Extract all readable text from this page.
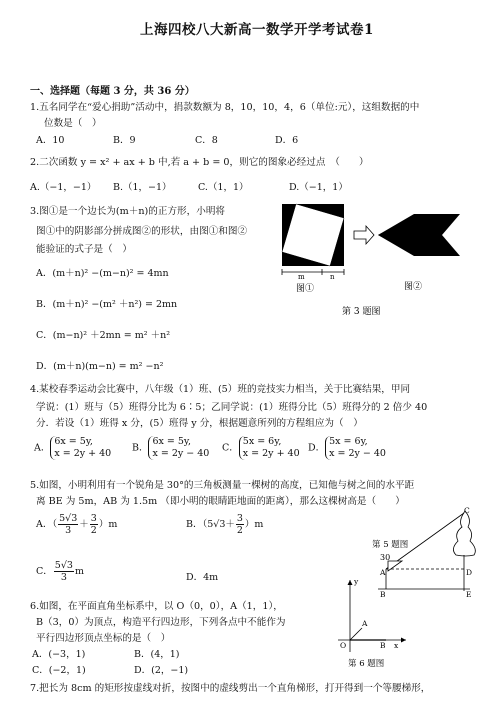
上海四校八大新高一数学开学考试卷1
一、选择题（每题 3 分，共 36 分）
1.五名同学在“爱心捐助”活动中，捐款数额为 8，10，10，4，6（单位:元），这组数据的中
位数是（　）
A．10	B．9	C．8	D．6
2.二次函数 y = x² + ax + b 中,若 a + b = 0，则它的图象必经过点　（　　）
A.（−1，−1） B.（1，−1）	C.（1，1）	D.（−1，1）
3.图①是一个边长为(m＋n)的正方形，小明将
图①中的阴影部分拼成图②的形状，由图①和图②
能验证的式子是（　）
A．(m＋n)² −(m−n)² = 4mn
B．(m＋n)² −(m² ＋n²) = 2mn
C．(m−n)² ＋2mn = m² ＋n²
D．(m＋n)(m−n) = m² −n²
m	n
图①	图②
第 3 题图
4.某校春季运动会比赛中，八年级（1）班、(5）班的竞技实力相当，关于比赛结果，甲同
学说：(1）班与（5）班得分比为 6∶5；乙同学说：(1）班得分比（5）班得分的 2 倍少 40
分．若设（1）班得 x 分，(5）班得 y 分，根据题意所列的方程组应为（　）
A．
6x = 5y,
x = 2y + 40 B．
6x = 5y,
x = 2y − 40 C．
5x = 6y,
x = 2y + 40 D．
5x = 6y,
x = 2y − 40
5.如图，小明利用有一个锐角是 30°的三角板测量一棵树的高度，已知他与树之间的水平距
离 BE 为 5m，AB 为 1.5m （即小明的眼睛距地面的距离），那么这棵树高是（　　）
A．（ $\frac{5√3}{3} + \frac{3}{2} )m$	B．$(5√3+ \frac{3}{2} )m$
C． $\frac{5√3}{3}$ m
D．4m
第 5 题图
30
A
B
C
D
E
6.如图，在平面直角坐标系中，以 O（0，0），A（1，1），
B（3，0）为顶点，构造平行四边形，下列各点中不能作为
平行四边形顶点坐标的是（　）
A．(−3，1)	B．(4，1)
C．(−2，1)	D．(2，−1)
y
A
O	B x
第 6 题图
7.把长为 8cm 的矩形按虚线对折，按图中的虚线剪出一个直角梯形，打开得到一个等腰梯形，
